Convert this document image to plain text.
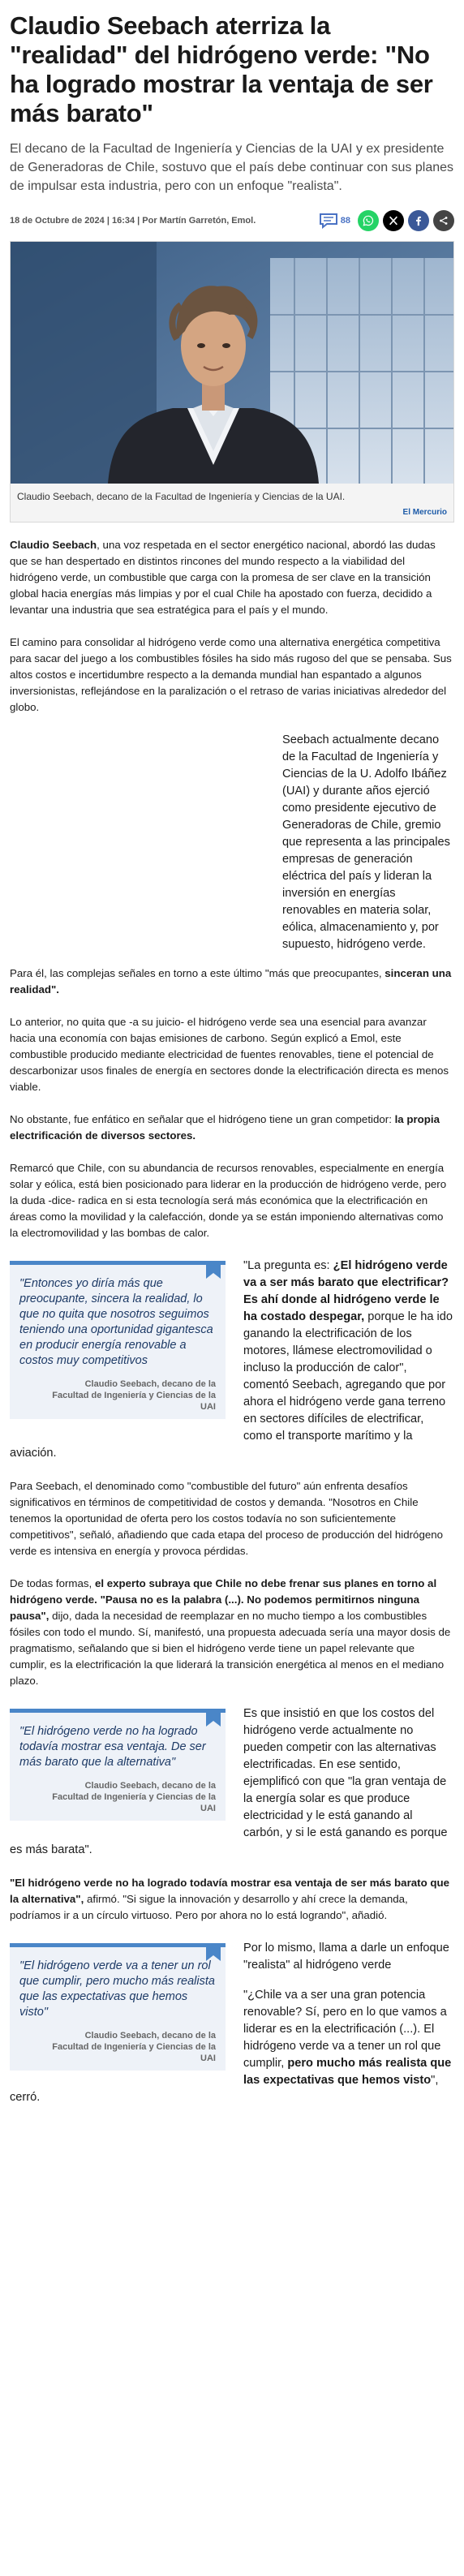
Claudio Seebach aterriza la "realidad" del hidrógeno verde: "No ha logrado mostrar la ventaja de ser más barato"

El decano de la Facultad de Ingeniería y Ciencias de la UAI y ex presidente de Generadoras de Chile, sostuvo que el país debe continuar con sus planes de impulsar esta industria, pero con un enfoque "realista".

18 de Octubre de 2024 | 16:34 | Por Martín Garretón, Emol.	88
Claudio Seebach, decano de la Facultad de Ingeniería y Ciencias de la UAI.
El Mercurio

Claudio Seebach, una voz respetada en el sector energético nacional, abordó las dudas que se han despertado en distintos rincones del mundo respecto a la viabilidad del hidrógeno verde, un combustible que carga con la promesa de ser clave en la transición global hacia energías más limpias y por el cual Chile ha apostado con fuerza, decidido a levantar una industria que sea estratégica para el país y el mundo.

El camino para consolidar al hidrógeno verde como una alternativa energética competitiva para sacar del juego a los combustibles fósiles ha sido más rugoso del que se pensaba. Sus altos costos e incertidumbre respecto a la demanda mundial han espantado a algunos inversionistas, reflejándose en la paralización o el retraso de varias iniciativas alrededor del globo.

Seebach actualmente decano de la Facultad de Ingeniería y Ciencias de la U. Adolfo Ibáñez (UAI) y durante años ejerció como presidente ejecutivo de Generadoras de Chile, gremio que representa a las principales empresas de generación eléctrica del país y lideran la inversión en energías renovables en materia solar, eólica, almacenamiento y, por supuesto, hidrógeno verde.

Para él, las complejas señales en torno a este último "más que preocupantes, sinceran una realidad".

Lo anterior, no quita que -a su juicio- el hidrógeno verde sea una esencial para avanzar hacia una economía con bajas emisiones de carbono. Según explicó a Emol, este combustible producido mediante electricidad de fuentes renovables, tiene el potencial de descarbonizar usos finales de energía en sectores donde la electrificación directa es menos viable.

No obstante, fue enfático en señalar que el hidrógeno tiene un gran competidor: la propia electrificación de diversos sectores.

Remarcó que Chile, con su abundancia de recursos renovables, especialmente en energía solar y eólica, está bien posicionado para liderar en la producción de hidrógeno verde, pero la duda -dice- radica en si esta tecnología será más económica que la electrificación en áreas como la movilidad y la calefacción, donde ya se están imponiendo alternativas como la electromovilidad y las bombas de calor.

"Entonces yo diría más que preocupante, sincera la realidad, lo que no quita que nosotros seguimos teniendo una oportunidad gigantesca en producir energía renovable a costos muy competitivos
Claudio Seebach, decano de la Facultad de Ingeniería y Ciencias de la UAI

"La pregunta es: ¿El hidrógeno verde va a ser más barato que electrificar? Es ahí donde al hidrógeno verde le ha costado despegar, porque le ha ido ganando la electrificación de los motores, llámese electromovilidad o incluso la producción de calor", comentó Seebach, agregando que por ahora el hidrógeno verde gana terreno en sectores difíciles de electrificar, como el transporte marítimo y la aviación.

Para Seebach, el denominado como "combustible del futuro" aún enfrenta desafíos significativos en términos de competitividad de costos y demanda. "Nosotros en Chile tenemos la oportunidad de oferta pero los costos todavía no son suficientemente competitivos", señaló, añadiendo que cada etapa del proceso de producción del hidrógeno verde es intensiva en energía y provoca pérdidas.

De todas formas, el experto subraya que Chile no debe frenar sus planes en torno al hidrógeno verde. "Pausa no es la palabra (...). No podemos permitirnos ninguna pausa", dijo, dada la necesidad de reemplazar en no mucho tiempo a los combustibles fósiles con todo el mundo. Sí, manifestó, una propuesta adecuada sería una mayor dosis de pragmatismo, señalando que si bien el hidrógeno verde tiene un papel relevante que cumplir, es la electrificación la que liderará la transición energética al menos en el mediano plazo.

"El hidrógeno verde no ha logrado todavía mostrar esa ventaja. De ser más barato que la alternativa"
Claudio Seebach, decano de la Facultad de Ingeniería y Ciencias de la UAI

Es que insistió en que los costos del hidrógeno verde actualmente no pueden competir con las alternativas electrificadas. En ese sentido, ejemplificó con que "la gran ventaja de la energía solar es que produce electricidad y le está ganando al carbón, y si le está ganando es porque es más barata".

"El hidrógeno verde no ha logrado todavía mostrar esa ventaja de ser más barato que la alternativa", afirmó. "Si sigue la innovación y desarrollo y ahí crece la demanda, podríamos ir a un círculo virtuoso. Pero por ahora no lo está logrando", añadió.

"El hidrógeno verde va a tener un rol que cumplir, pero mucho más realista que las expectativas que hemos visto"
Claudio Seebach, decano de la Facultad de Ingeniería y Ciencias de la UAI

Por lo mismo, llama a darle un enfoque "realista" al hidrógeno verde

"¿Chile va a ser una gran potencia renovable? Sí, pero en lo que vamos a liderar es en la electrificación (...). El hidrógeno verde va a tener un rol que cumplir, pero mucho más realista que las expectativas que hemos visto", cerró.
